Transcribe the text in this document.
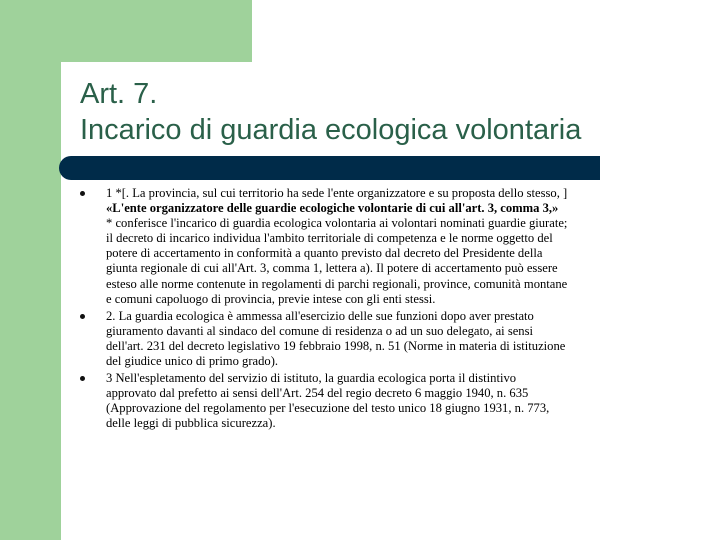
Art. 7.
Incarico di guardia ecologica volontaria
1 *[. La provincia, sul cui territorio ha sede l'ente organizzatore e su proposta dello stesso, ]
«L'ente organizzatore delle guardie ecologiche volontarie di cui all'art. 3, comma 3,»
* conferisce l'incarico di guardia ecologica volontaria ai volontari nominati guardie giurate;
il decreto di incarico individua l'ambito territoriale di competenza e le norme oggetto del
potere di accertamento in conformità a quanto previsto dal decreto del Presidente della
giunta regionale di cui all'Art. 3, comma 1, lettera a). Il potere di accertamento può essere
esteso alle norme contenute in regolamenti di parchi regionali, province, comunità montane
e comuni capoluogo di provincia, previe intese con gli enti stessi.
2. La guardia ecologica è ammessa all'esercizio delle sue funzioni dopo aver prestato
giuramento davanti al sindaco del comune di residenza o ad un suo delegato, ai sensi
dell'art. 231 del decreto legislativo 19 febbraio 1998, n. 51 (Norme in materia di istituzione
del giudice unico di primo grado).
3 Nell'espletamento del servizio di istituto, la guardia ecologica porta il distintivo
approvato dal prefetto ai sensi dell'Art. 254 del regio decreto 6 maggio 1940, n. 635
(Approvazione del regolamento per l'esecuzione del testo unico 18 giugno 1931, n. 773,
delle leggi di pubblica sicurezza).
